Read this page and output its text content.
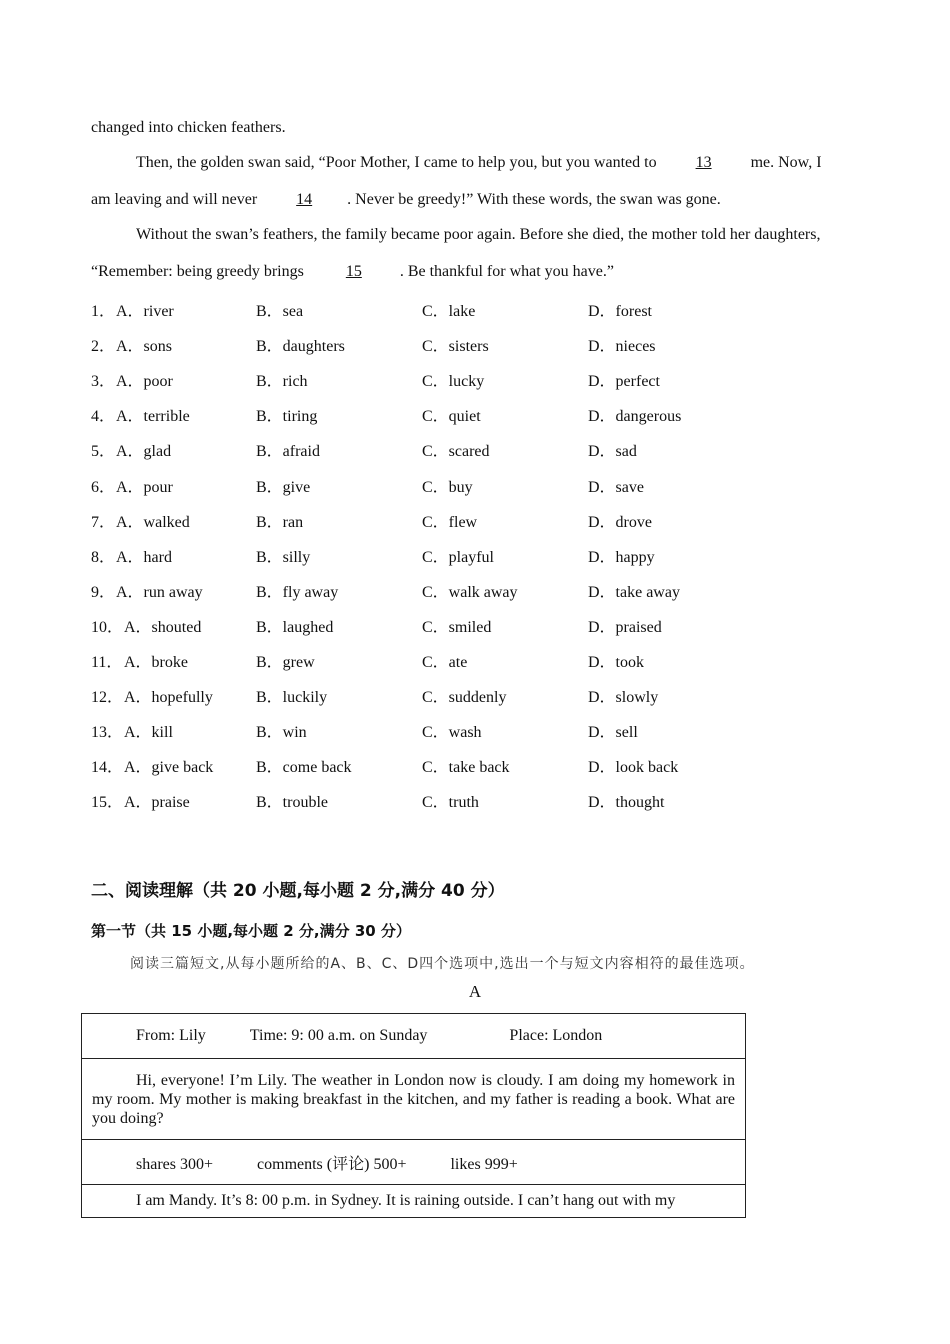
changed into chicken feathers.
Then, the golden swan said, “Poor Mother, I came to help you, but you wanted to 13 me. Now, I
am leaving and will never 14 . Never be greedy!” With these words, the swan was gone.
Without the swan’s feathers, the family became poor again. Before she died, the mother told her daughters,
“Remember: being greedy brings 15 . Be thankful for what you have.”
1． A．river	B．sea	C．lake	D．forest
2． A．sons	B．daughters	C．sisters	D．nieces
3． A．poor	B．rich	C．lucky	D．perfect
4． A．terrible	B．tiring	C．quiet	D．dangerous
5． A．glad	B．afraid	C．scared	D．sad
6． A．pour	B．give	C．buy	D．save
7． A．walked	B．ran	C．flew	D．drove
8． A．hard	B．silly	C．playful	D．happy
9． A．run away	B．fly away	C．walk away	D．take away
10． A．shouted	B．laughed	C．smiled	D．praised
11． A．broke	B．grew	C．ate	D．took
12． A．hopefully	B．luckily	C．suddenly	D．slowly
13． A．kill	B．win	C．wash	D．sell
14． A．give back	B．come back	C．take back	D．look back
15． A．praise	B．trouble	C．truth	D．thought
二、阅读理解（共 20 小题,每小题 2 分,满分 40 分）
第一节（共 15 小题,每小题 2 分,满分 30 分）
阅读三篇短文,从每小题所给的A、B、C、D四个选项中,选出一个与短文内容相符的最佳选项。
A
From: Lily	Time: 9: 00 a.m. on Sunday	Place: London
Hi, everyone! I’m Lily. The weather in London now is cloudy. I am doing my homework in my room. My mother is making breakfast in the kitchen, and my father is reading a book. What are you doing?
shares 300+	comments (评论) 500+	likes 999+
I am Mandy. It’s 8: 00 p.m. in Sydney. It is raining outside. I can’t hang out with my
